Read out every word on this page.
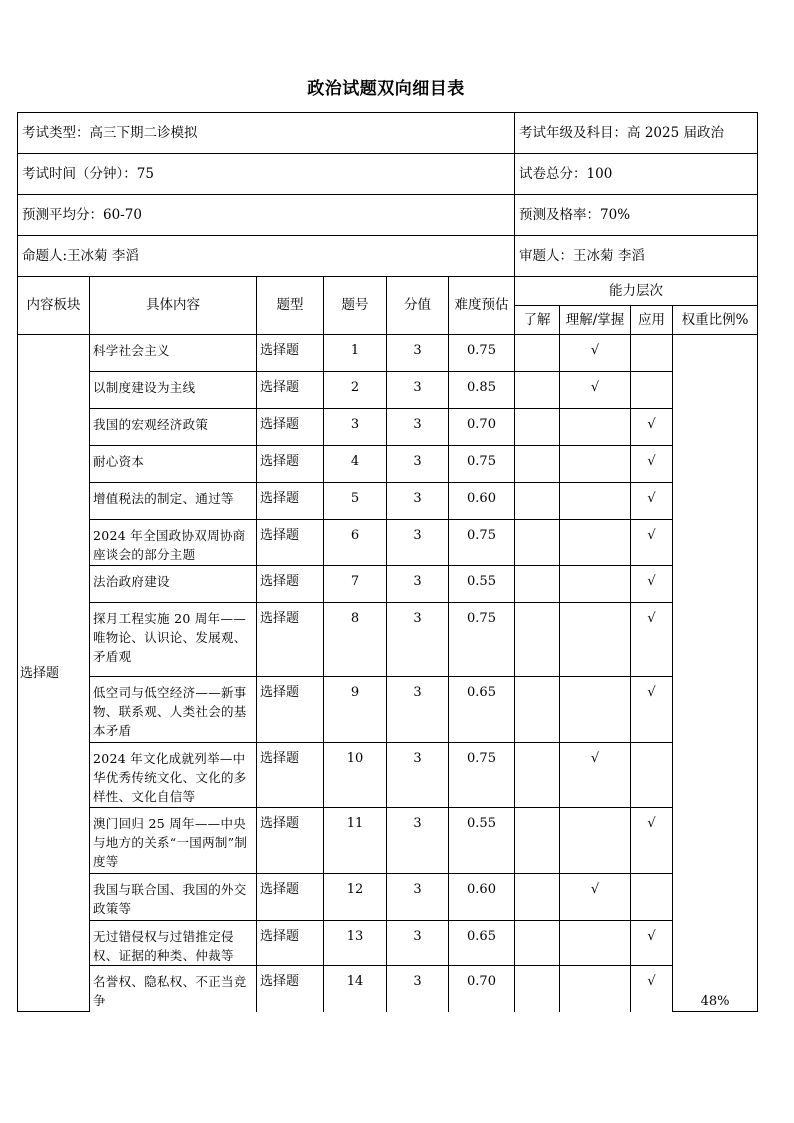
政治试题双向细目表
考试类型：高三下期二诊模拟						考试年级及科目：高 2025 届政治			
考试时间（分钟）：75						试卷总分：100			
预测平均分：60-70						预测及格率：70%			
命题人:王冰菊 李滔						审题人：王冰菊 李滔			
内容板块	具体内容	题型	题号	分值	难度预估	能力层次			
						了解	理解/掌握	应用	权重比例%
选择题	科学社会主义	选择题	1	3	0.75		√		48%
	以制度建设为主线	选择题	2	3	0.85		√		
	我国的宏观经济政策	选择题	3	3	0.70			√	
	耐心资本	选择题	4	3	0.75			√	
	增值税法的制定、通过等	选择题	5	3	0.60			√	
	2024 年全国政协双周协商座谈会的部分主题	选择题	6	3	0.75			√	
	法治政府建设	选择题	7	3	0.55			√	
	探月工程实施 20 周年——唯物论、认识论、发展观、矛盾观	选择题	8	3	0.75			√	
	低空司与低空经济——新事物、联系观、人类社会的基本矛盾	选择题	9	3	0.65			√	
	2024 年文化成就列举—中华优秀传统文化、文化的多样性、文化自信等	选择题	10	3	0.75		√		
	澳门回归 25 周年——中央与地方的关系“一国两制”制度等	选择题	11	3	0.55			√	
	我国与联合国、我国的外交政策等	选择题	12	3	0.60		√		
	无过错侵权与过错推定侵权、证据的种类、仲裁等	选择题	13	3	0.65			√	
	名誉权、隐私权、不正当竞争	选择题	14	3	0.70			√	
